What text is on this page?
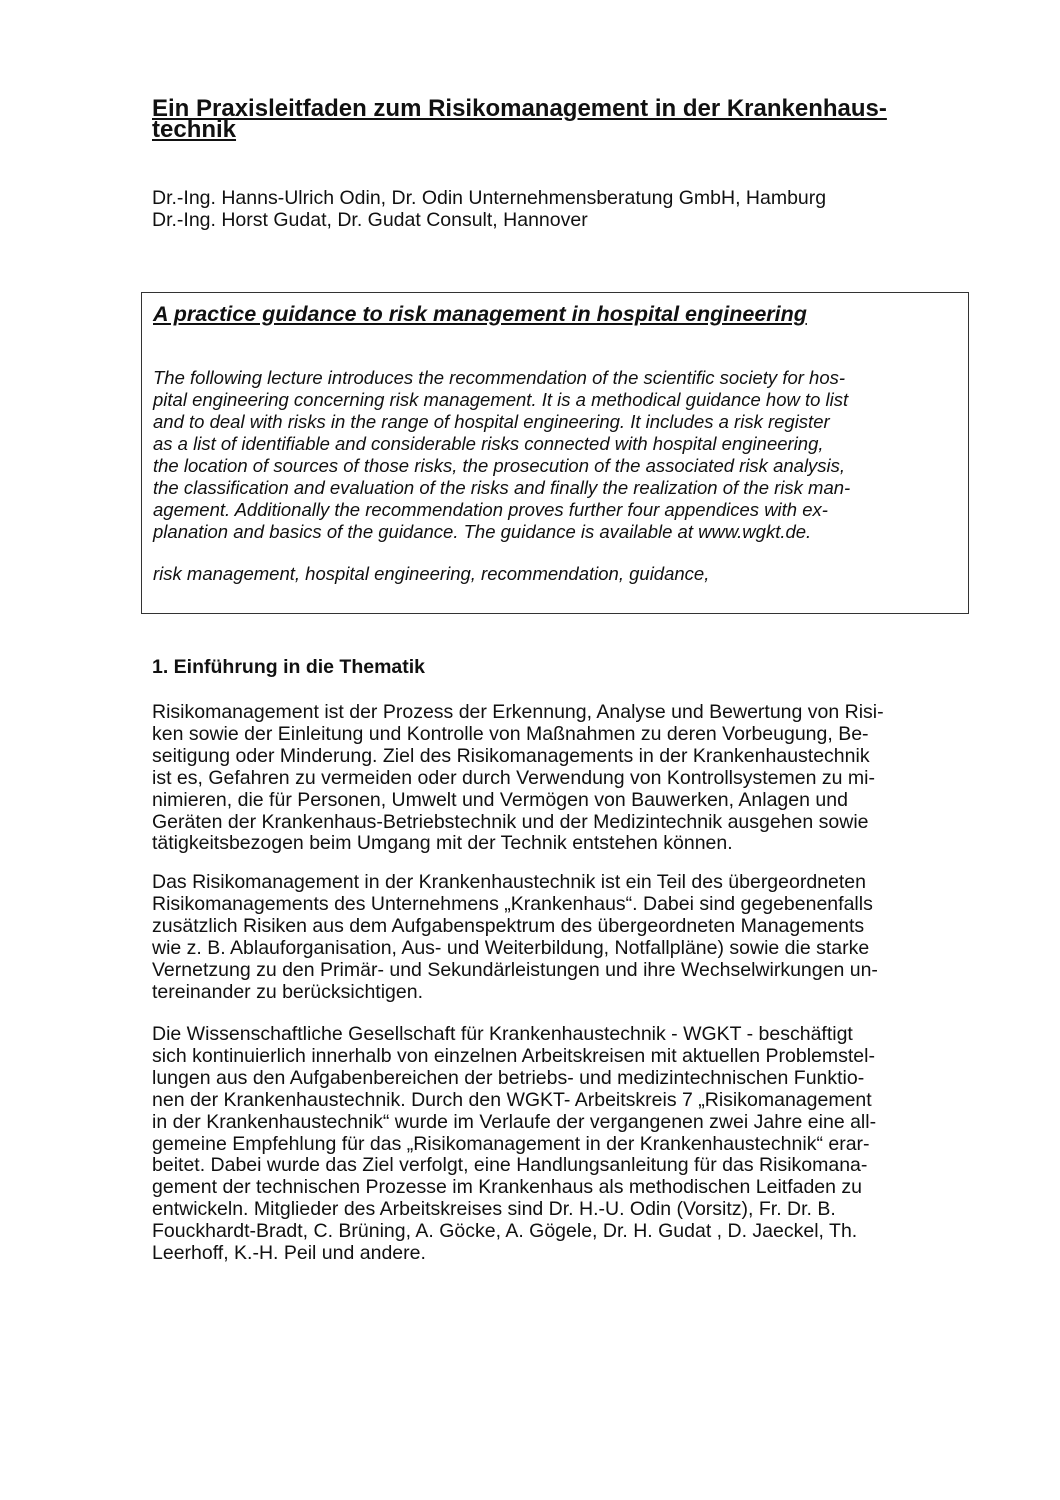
Ein Praxisleitfaden zum Risikomanagement in der Krankenhaus-
technik
Dr.-Ing. Hanns-Ulrich Odin, Dr. Odin Unternehmensberatung GmbH, Hamburg
Dr.-Ing. Horst Gudat, Dr. Gudat Consult, Hannover
A practice guidance to risk management in hospital engineering
The following lecture introduces the recommendation of the scientific society for hos-
pital engineering concerning risk management. It is a methodical guidance how to list
and to deal with risks in the range of hospital engineering. It includes a risk register
as a list of identifiable and considerable risks connected with hospital engineering,
the location of sources of those risks, the prosecution of the associated risk analysis,
the classification and evaluation of the risks and finally the realization of the risk man-
agement. Additionally the recommendation proves further four appendices with ex-
planation and basics of the guidance. The guidance is available at www.wgkt.de.
risk management, hospital engineering, recommendation, guidance,
1. Einführung in die Thematik
Risikomanagement ist der Prozess der Erkennung, Analyse und Bewertung von Risi-
ken sowie der Einleitung und Kontrolle von Maßnahmen zu deren Vorbeugung, Be-
seitigung oder Minderung. Ziel des Risikomanagements in der Krankenhaustechnik
ist es, Gefahren zu vermeiden oder durch Verwendung von Kontrollsystemen zu mi-
nimieren, die für Personen, Umwelt und Vermögen von Bauwerken, Anlagen und
Geräten der Krankenhaus-Betriebstechnik und der Medizintechnik ausgehen sowie
tätigkeitsbezogen beim Umgang mit der Technik entstehen können.
Das Risikomanagement in der Krankenhaustechnik ist ein Teil des übergeordneten
Risikomanagements des Unternehmens „Krankenhaus“. Dabei sind gegebenenfalls
zusätzlich Risiken aus dem Aufgabenspektrum des übergeordneten Managements
wie z. B. Ablauforganisation, Aus- und Weiterbildung, Notfallpläne) sowie die starke
Vernetzung zu den Primär- und Sekundärleistungen und ihre Wechselwirkungen un-
tereinander zu berücksichtigen.
Die Wissenschaftliche Gesellschaft für Krankenhaustechnik - WGKT - beschäftigt
sich kontinuierlich innerhalb von einzelnen Arbeitskreisen mit aktuellen Problemstel-
lungen aus den Aufgabenbereichen der betriebs- und medizintechnischen Funktio-
nen der Krankenhaustechnik. Durch den WGKT- Arbeitskreis 7 „Risikomanagement
in der Krankenhaustechnik“ wurde im Verlaufe der vergangenen zwei Jahre eine all-
gemeine Empfehlung für das „Risikomanagement in der Krankenhaustechnik“ erar-
beitet. Dabei wurde das Ziel verfolgt, eine Handlungsanleitung für das Risikomana-
gement der technischen Prozesse im Krankenhaus als methodischen Leitfaden zu
entwickeln. Mitglieder des Arbeitskreises sind Dr. H.-U. Odin (Vorsitz), Fr. Dr. B.
Fouckhardt-Bradt, C. Brüning, A. Göcke, A. Gögele, Dr. H. Gudat , D. Jaeckel, Th.
Leerhoff, K.-H. Peil und andere.
